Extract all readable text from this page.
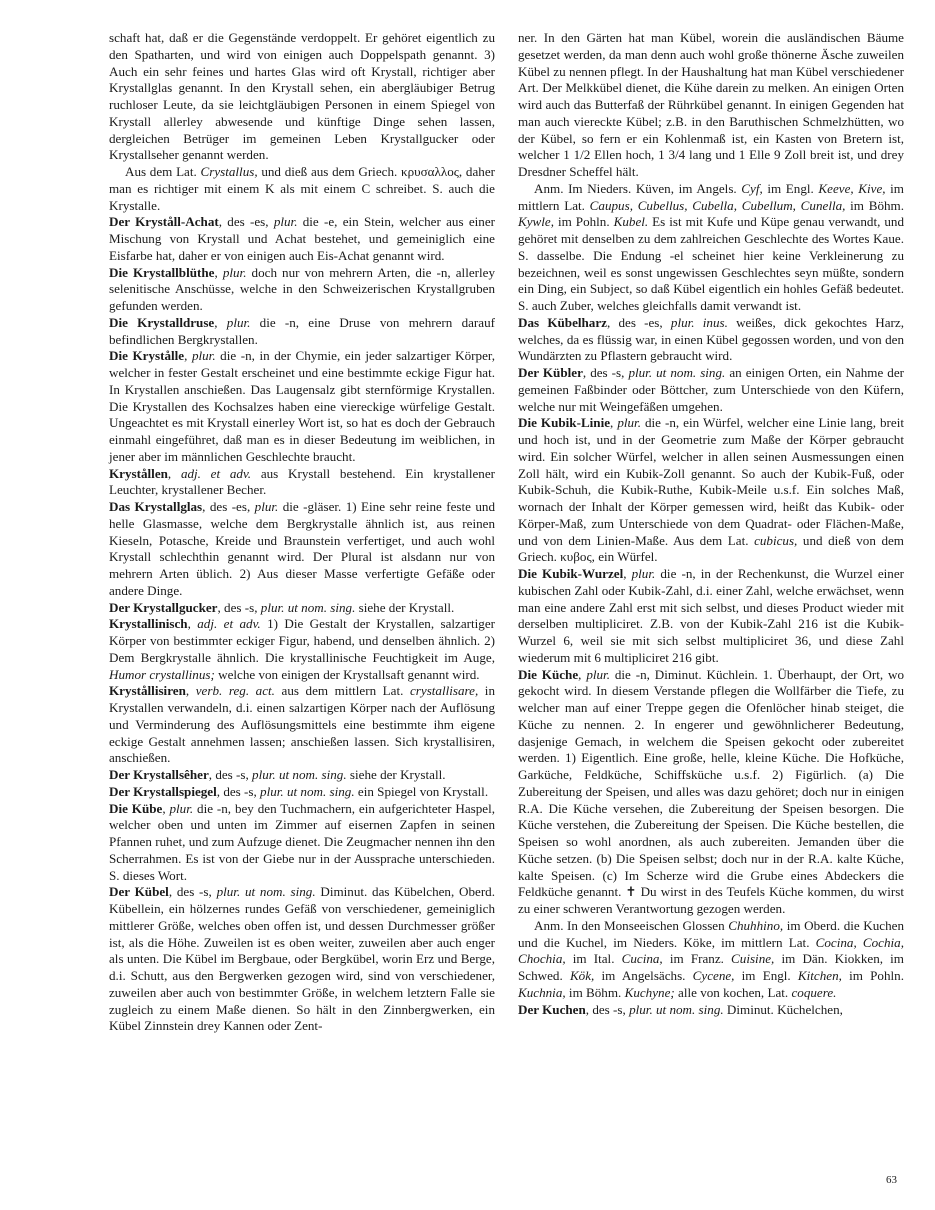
schaft hat, daß er die Gegenstände verdoppelt. Er gehöret eigentlich zu den Spatharten, und wird von einigen auch Doppelspath genannt. 3) Auch ein sehr feines und hartes Glas wird oft Krystall, richtiger aber Krystallglas genannt. In den Krystall sehen, ein abergläubiger Betrug ruchloser Leute, da sie leichtgläubigen Personen in einem Spiegel von Krystall allerley abwesende und künftige Dinge sehen lassen, dergleichen Betrüger im gemeinen Leben Krystallgucker oder Krystallseher genannt werden.

Aus dem Lat. Crystallus, und dieß aus dem Griech. κρυσαλλος, daher man es richtiger mit einem K als mit einem C schreibet. S. auch die Krystalle.

Der Kryståll-Achat, des -es, plur. die -e, ein Stein, welcher aus einer Mischung von Krystall und Achat bestehet, und gemeiniglich eine Eisfarbe hat, daher er von einigen auch Eis-Achat genannt wird.

Die Krystallblüthe, plur. doch nur von mehrern Arten, die -n, allerley selenitische Anschüsse, welche in den Schweizerischen Krystallgruben gefunden werden.

Die Krystalldruse, plur. die -n, eine Druse von mehrern darauf befindlichen Bergkrystallen.

Die Krystålle, plur. die -n, in der Chymie, ein jeder salzartiger Körper, welcher in fester Gestalt erscheinet und eine bestimmte eckige Figur hat. In Krystallen anschießen. Das Laugensalz gibt sternförmige Krystallen. Die Krystallen des Kochsalzes haben eine viereckige würfelige Gestalt. Ungeachtet es mit Krystall einerley Wort ist, so hat es doch der Gebrauch einmahl eingeführet, daß man es in dieser Bedeutung im weiblichen, in jener aber im männlichen Geschlechte braucht.

Krystållen, adj. et adv. aus Krystall bestehend. Ein krystallener Leuchter, krystallener Becher.

Das Krystallglas, des -es, plur. die -gläser. 1) Eine sehr reine feste und helle Glasmasse, welche dem Bergkrystalle ähnlich ist, aus reinen Kieseln, Potasche, Kreide und Braunstein verfertiget, und auch wohl Krystall schlechthin genannt wird. Der Plural ist alsdann nur von mehrern Arten üblich. 2) Aus dieser Masse verfertigte Gefäße oder andere Dinge.

Der Krystallgucker, des -s, plur. ut nom. sing. siehe der Krystall.

Krystallinisch, adj. et adv. 1) Die Gestalt der Krystallen, salzartiger Körper von bestimmter eckiger Figur, habend, und denselben ähnlich. 2) Dem Bergkrystalle ähnlich. Die krystallinische Feuchtigkeit im Auge, Humor crystallinus; welche von einigen der Krystallsaft genannt wird.

Krystållisiren, verb. reg. act. aus dem mittlern Lat. crystallisare, in Krystallen verwandeln, d.i. einen salzartigen Körper nach der Auflösung und Verminderung des Auflösungsmittels eine bestimmte ihm eigene eckige Gestalt annehmen lassen; anschießen lassen. Sich krystallisiren, anschießen.

Der Krystallsêher, des -s, plur. ut nom. sing. siehe der Krystall.

Der Krystallspiegel, des -s, plur. ut nom. sing. ein Spiegel von Krystall.

Die Kübe, plur. die -n, bey den Tuchmachern, ein aufgerichteter Haspel, welcher oben und unten im Zimmer auf eisernen Zapfen in seinen Pfannen ruhet, und zum Aufzuge dienet. Die Zeugmacher nennen ihn den Scherrahmen. Es ist von der Giebe nur in der Aussprache unterschieden. S. dieses Wort.

Der Kübel, des -s, plur. ut nom. sing. Diminut. das Kübelchen, Oberd. Kübellein, ein hölzernes rundes Gefäß von verschiedener, gemeiniglich mittlerer Größe, welches oben offen ist, und dessen Durchmesser größer ist, als die Höhe. Zuweilen ist es oben weiter, zuweilen aber auch enger als unten. Die Kübel im Bergbaue, oder Bergkübel, worin Erz und Berge, d.i. Schutt, aus den Bergwerken gezogen wird, sind von verschiedener, zuweilen aber auch von bestimmter Größe, in welchem letztern Falle sie zugleich zu einem Maße dienen. So hält in den Zinnbergwerken, ein Kübel Zinnstein drey Kannen oder Zent-

ner. In den Gärten hat man Kübel, worein die ausländischen Bäume gesetzet werden, da man denn auch wohl große thönerne Äsche zuweilen Kübel zu nennen pflegt. In der Haushaltung hat man Kübel verschiedener Art. Der Melkkübel dienet, die Kühe darein zu melken. An einigen Orten wird auch das Butterfaß der Rührkübel genannt. In einigen Gegenden hat man auch viereckte Kübel; z.B. in den Baruthischen Schmelzhütten, wo der Kübel, so fern er ein Kohlenmaß ist, ein Kasten von Bretern ist, welcher 1 1/2 Ellen hoch, 1 3/4 lang und 1 Elle 9 Zoll breit ist, und drey Dresdner Scheffel hält.

Anm. Im Nieders. Küven, im Angels. Cyf, im Engl. Keeve, Kive, im mittlern Lat. Caupus, Cubellus, Cubella, Cubellum, Cunella, im Böhm. Kywle, im Pohln. Kubel. Es ist mit Kufe und Küpe genau verwandt, und gehöret mit denselben zu dem zahlreichen Geschlechte des Wortes Kaue. S. dasselbe. Die Endung -el scheinet hier keine Verkleinerung zu bezeichnen, weil es sonst ungewissen Geschlechtes seyn müßte, sondern ein Ding, ein Subject, so daß Kübel eigentlich ein hohles Gefäß bedeutet. S. auch Zuber, welches gleichfalls damit verwandt ist.

Das Kübelharz, des -es, plur. inus. weißes, dick gekochtes Harz, welches, da es flüssig war, in einen Kübel gegossen worden, und von den Wundärzten zu Pflastern gebraucht wird.

Der Kübler, des -s, plur. ut nom. sing. an einigen Orten, ein Nahme der gemeinen Faßbinder oder Böttcher, zum Unterschiede von den Küfern, welche nur mit Weingefäßen umgehen.

Die Kubik-Linie, plur. die -n, ein Würfel, welcher eine Linie lang, breit und hoch ist, und in der Geometrie zum Maße der Körper gebraucht wird. Ein solcher Würfel, welcher in allen seinen Ausmessungen einen Zoll hält, wird ein Kubik-Zoll genannt. So auch der Kubik-Fuß, oder Kubik-Schuh, die Kubik-Ruthe, Kubik-Meile u.s.f. Ein solches Maß, wornach der Inhalt der Körper gemessen wird, heißt das Kubik- oder Körper-Maß, zum Unterschiede von dem Quadrat- oder Flächen-Maße, und von dem Linien-Maße. Aus dem Lat. cubicus, und dieß von dem Griech. κυβος, ein Würfel.

Die Kubik-Wurzel, plur. die -n, in der Rechenkunst, die Wurzel einer kubischen Zahl oder Kubik-Zahl, d.i. einer Zahl, welche erwächset, wenn man eine andere Zahl erst mit sich selbst, und dieses Product wieder mit derselben multipliciret. Z.B. von der Kubik-Zahl 216 ist die Kubik-Wurzel 6, weil sie mit sich selbst multipliciret 36, und diese Zahl wiederum mit 6 multipliciret 216 gibt.

Die Küche, plur. die -n, Diminut. Küchlein. 1. Überhaupt, der Ort, wo gekocht wird. In diesem Verstande pflegen die Wollfärber die Tiefe, zu welcher man auf einer Treppe gegen die Ofenlöcher hinab steiget, die Küche zu nennen. 2. In engerer und gewöhnlicherer Bedeutung, dasjenige Gemach, in welchem die Speisen gekocht oder zubereitet werden. 1) Eigentlich. Eine große, helle, kleine Küche. Die Hofküche, Garküche, Feldküche, Schiffsküche u.s.f. 2) Figürlich. (a) Die Zubereitung der Speisen, und alles was dazu gehöret; doch nur in einigen R.A. Die Küche versehen, die Zubereitung der Speisen besorgen. Die Küche verstehen, die Zubereitung der Speisen. Die Küche bestellen, die Speisen so wohl anordnen, als auch zubereiten. Jemanden über die Küche setzen. (b) Die Speisen selbst; doch nur in der R.A. kalte Küche, kalte Speisen. (c) Im Scherze wird die Grube eines Abdeckers die Feldküche genannt. ✝ Du wirst in des Teufels Küche kommen, du wirst zu einer schweren Verantwortung gezogen werden.

Anm. In den Monseeischen Glossen Chuhhino, im Oberd. die Kuchen und die Kuchel, im Nieders. Köke, im mittlern Lat. Cocina, Cochia, Chochia, im Ital. Cucina, im Franz. Cuisine, im Dän. Kiokken, im Schwed. Kök, im Angelsächs. Cycene, im Engl. Kitchen, im Pohln. Kuchnia, im Böhm. Kuchyne; alle von kochen, Lat. coquere.

Der Kuchen, des -s, plur. ut nom. sing. Diminut. Küchelchen,

63
